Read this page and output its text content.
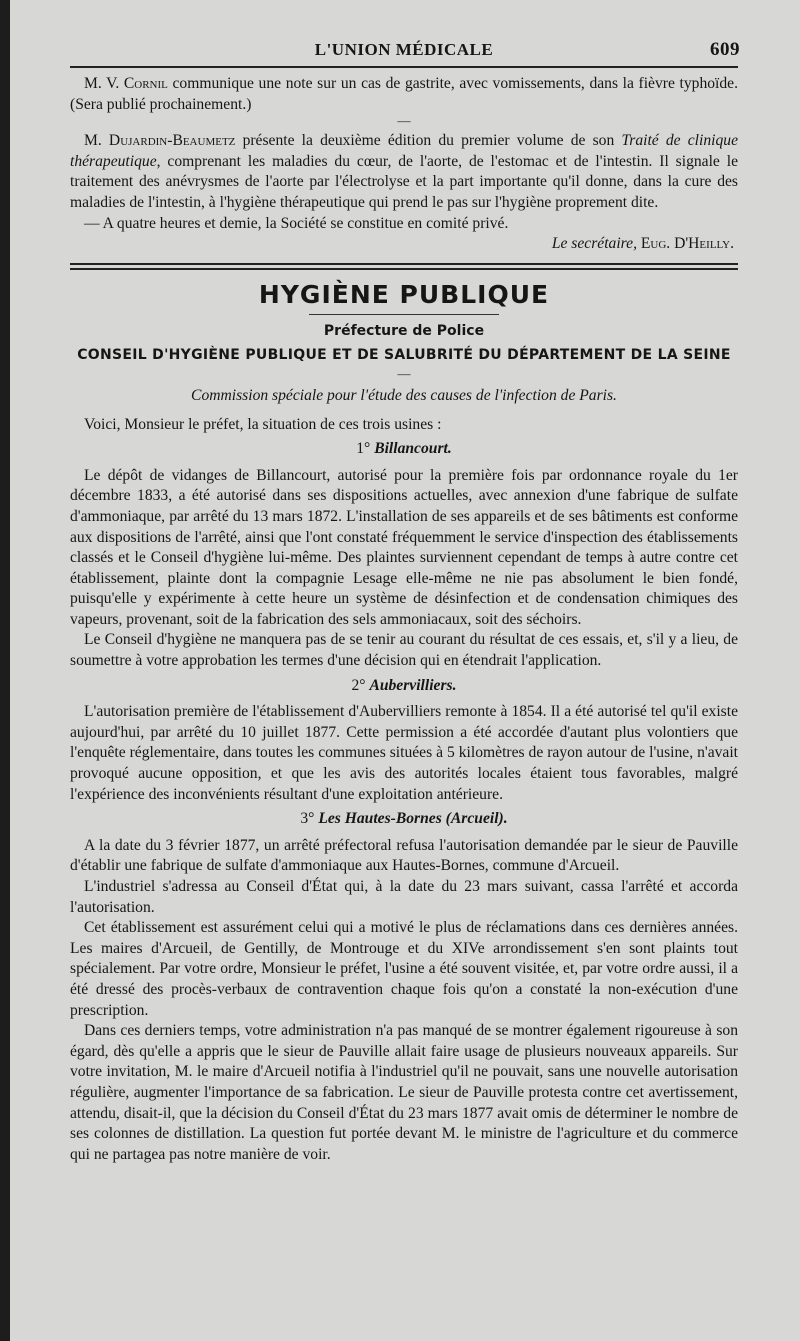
L'UNION MÉDICALE	609

M. V. Cornil communique une note sur un cas de gastrite, avec vomissements, dans la fièvre typhoïde. (Sera publié prochainement.)

—

M. Dujardin-Beaumetz présente la deuxième édition du premier volume de son Traité de clinique thérapeutique, comprenant les maladies du cœur, de l'aorte, de l'estomac et de l'intestin. Il signale le traitement des anévrysmes de l'aorte par l'électrolyse et la part importante qu'il donne, dans la cure des maladies de l'intestin, à l'hygiène thérapeutique qui prend le pas sur l'hygiène proprement dite.

— A quatre heures et demie, la Société se constitue en comité privé.

Le secrétaire, Eug. D'Heilly.

HYGIÈNE PUBLIQUE
Préfecture de Police
CONSEIL D'HYGIÈNE PUBLIQUE ET DE SALUBRITÉ DU DÉPARTEMENT DE LA SEINE
—
Commission spéciale pour l'étude des causes de l'infection de Paris.

Voici, Monsieur le préfet, la situation de ces trois usines :

1° Billancourt.

Le dépôt de vidanges de Billancourt, autorisé pour la première fois par ordonnance royale du 1er décembre 1833, a été autorisé dans ses dispositions actuelles, avec annexion d'une fabrique de sulfate d'ammoniaque, par arrêté du 13 mars 1872. L'installation de ses appareils et de ses bâtiments est conforme aux dispositions de l'arrêté, ainsi que l'ont constaté fréquemment le service d'inspection des établissements classés et le Conseil d'hygiène lui-même. Des plaintes surviennent cependant de temps à autre contre cet établissement, plainte dont la compagnie Lesage elle-même ne nie pas absolument le bien fondé, puisqu'elle y expérimente à cette heure un système de désinfection et de condensation chimiques des vapeurs, provenant, soit de la fabrication des sels ammoniacaux, soit des séchoirs.

Le Conseil d'hygiène ne manquera pas de se tenir au courant du résultat de ces essais, et, s'il y a lieu, de soumettre à votre approbation les termes d'une décision qui en étendrait l'application.

2° Aubervilliers.

L'autorisation première de l'établissement d'Aubervilliers remonte à 1854. Il a été autorisé tel qu'il existe aujourd'hui, par arrêté du 10 juillet 1877. Cette permission a été accordée d'autant plus volontiers que l'enquête réglementaire, dans toutes les communes situées à 5 kilomètres de rayon autour de l'usine, n'avait provoqué aucune opposition, et que les avis des autorités locales étaient tous favorables, malgré l'expérience des inconvénients résultant d'une exploitation antérieure.

3° Les Hautes-Bornes (Arcueil).

A la date du 3 février 1877, un arrêté préfectoral refusa l'autorisation demandée par le sieur de Pauville d'établir une fabrique de sulfate d'ammoniaque aux Hautes-Bornes, commune d'Arcueil.

L'industriel s'adressa au Conseil d'État qui, à la date du 23 mars suivant, cassa l'arrêté et accorda l'autorisation.

Cet établissement est assurément celui qui a motivé le plus de réclamations dans ces dernières années. Les maires d'Arcueil, de Gentilly, de Montrouge et du XIVe arrondissement s'en sont plaints tout spécialement. Par votre ordre, Monsieur le préfet, l'usine a été souvent visitée, et, par votre ordre aussi, il a été dressé des procès-verbaux de contravention chaque fois qu'on a constaté la non-exécution d'une prescription.

Dans ces derniers temps, votre administration n'a pas manqué de se montrer également rigoureuse à son égard, dès qu'elle a appris que le sieur de Pauville allait faire usage de plusieurs nouveaux appareils. Sur votre invitation, M. le maire d'Arcueil notifia à l'industriel qu'il ne pouvait, sans une nouvelle autorisation régulière, augmenter l'importance de sa fabrication. Le sieur de Pauville protesta contre cet avertissement, attendu, disait-il, que la décision du Conseil d'État du 23 mars 1877 avait omis de déterminer le nombre de ses colonnes de distillation. La question fut portée devant M. le ministre de l'agriculture et du commerce qui ne partagea pas notre manière de voir.
